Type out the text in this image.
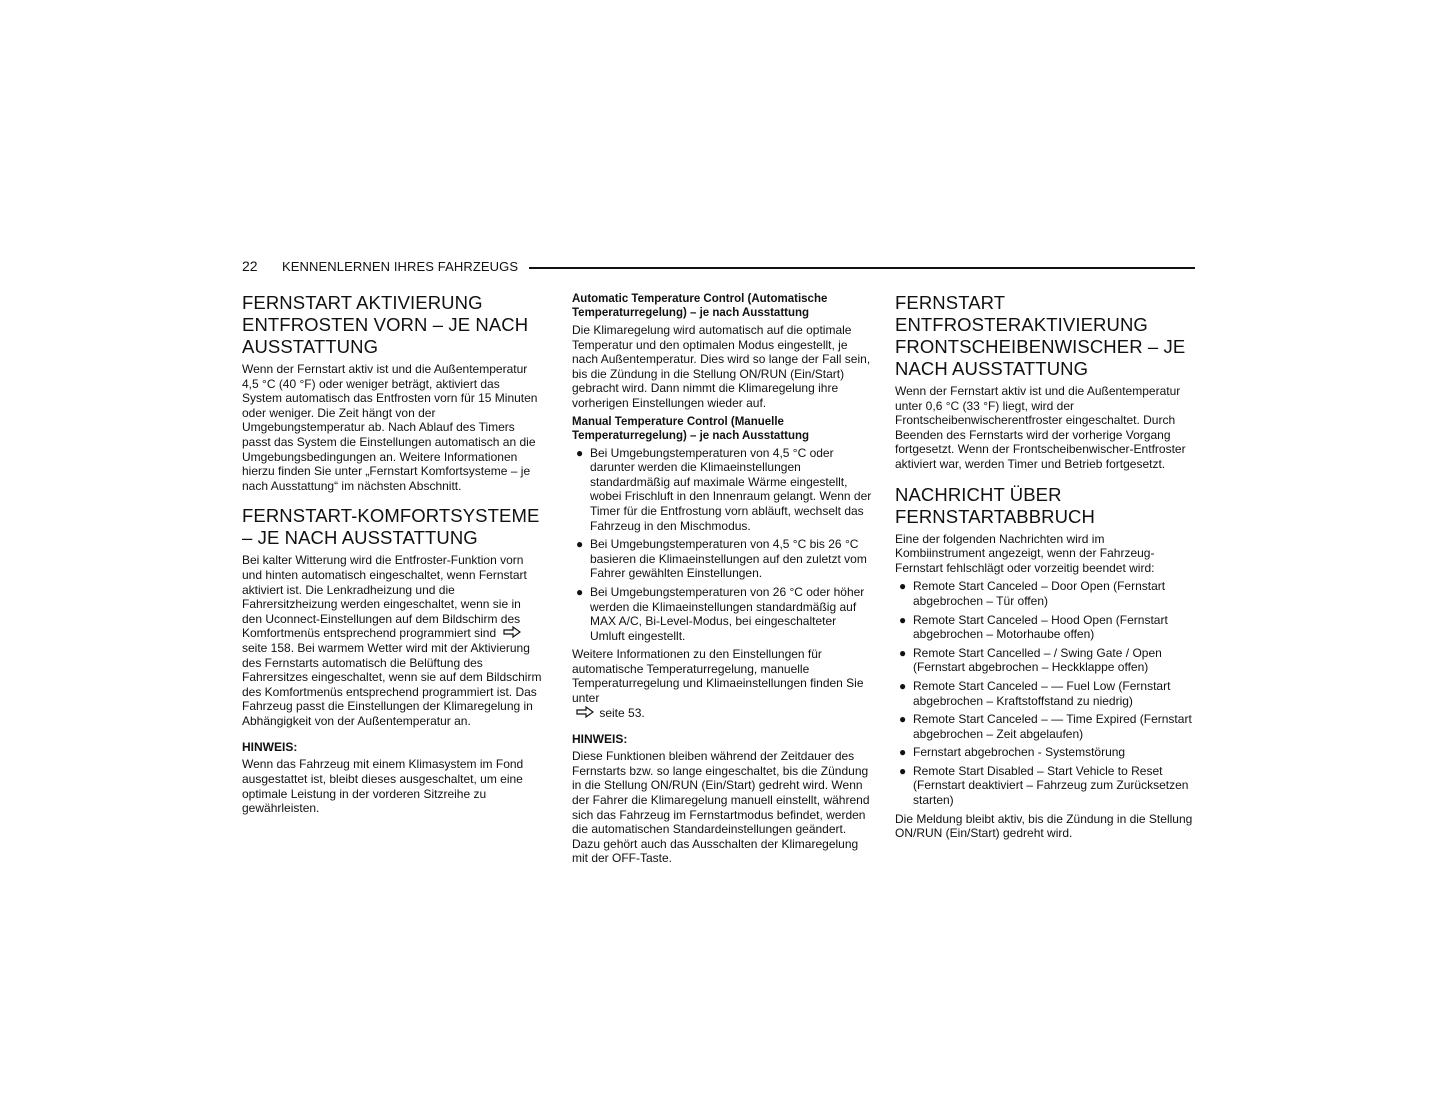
22 KENNENLERNEN IHRES FAHRZEUGS
FERNSTART AKTIVIERUNG ENTFROSTEN VORN – JE NACH AUSSTATTUNG

Wenn der Fernstart aktiv ist und die Außentemperatur 4,5 °C (40 °F) oder weniger beträgt, aktiviert das System automatisch das Entfrosten vorn für 15 Minuten oder weniger. Die Zeit hängt von der Umgebungstemperatur ab. Nach Ablauf des Timers passt das System die Einstellungen automatisch an die Umgebungsbedingungen an. Weitere Informationen hierzu finden Sie unter „Fernstart Komfortsysteme – je nach Ausstattung“ im nächsten Abschnitt.

FERNSTART-KOMFORTSYSTEME – JE NACH AUSSTATTUNG

Bei kalter Witterung wird die Entfroster-Funktion vorn und hinten automatisch eingeschaltet, wenn Fernstart aktiviert ist. Die Lenkradheizung und die Fahrersitzheizung werden eingeschaltet, wenn sie in den Uconnect-Einstellungen auf dem Bildschirm des Komfortmenüs entsprechend programmiert sind  seite 158. Bei warmem Wetter wird mit der Aktivierung des Fernstarts automatisch die Belüftung des Fahrersitzes eingeschaltet, wenn sie auf dem Bildschirm des Komfortmenüs entsprechend programmiert ist. Das Fahrzeug passt die Einstellungen der Klimaregelung in Abhängigkeit von der Außentemperatur an.

HINWEIS:

Wenn das Fahrzeug mit einem Klimasystem im Fond ausgestattet ist, bleibt dieses ausgeschaltet, um eine optimale Leistung in der vorderen Sitzreihe zu gewährleisten.

Automatic Temperature Control (Automatische Temperaturregelung) – je nach Ausstattung

Die Klimaregelung wird automatisch auf die optimale Temperatur und den optimalen Modus eingestellt, je nach Außentemperatur. Dies wird so lange der Fall sein, bis die Zündung in die Stellung ON/RUN (Ein/Start) gebracht wird. Dann nimmt die Klimaregelung ihre vorherigen Einstellungen wieder auf.

Manual Temperature Control (Manuelle Temperaturregelung) – je nach Ausstattung
● Bei Umgebungstemperaturen von 4,5 °C oder darunter werden die Klimaeinstellungen standardmäßig auf maximale Wärme eingestellt, wobei Frischluft in den Innenraum gelangt. Wenn der Timer für die Entfrostung vorn abläuft, wechselt das Fahrzeug in den Mischmodus.
● Bei Umgebungstemperaturen von 4,5 °C bis 26 °C basieren die Klimaeinstellungen auf den zuletzt vom Fahrer gewählten Einstellungen.
● Bei Umgebungstemperaturen von 26 °C oder höher werden die Klimaeinstellungen standardmäßig auf MAX A/C, Bi-Level-Modus, bei eingeschalteter Umluft eingestellt.

Weitere Informationen zu den Einstellungen für automatische Temperaturregelung, manuelle Temperaturregelung und Klimaeinstellungen finden Sie unter
seite 53.

HINWEIS:

Diese Funktionen bleiben während der Zeitdauer des Fernstarts bzw. so lange eingeschaltet, bis die Zündung in die Stellung ON/RUN (Ein/Start) gedreht wird. Wenn der Fahrer die Klimaregelung manuell einstellt, während sich das Fahrzeug im Fernstartmodus befindet, werden die automatischen Standardeinstellungen geändert. Dazu gehört auch das Ausschalten der Klimaregelung mit der OFF-Taste.

FERNSTART ENTFROSTERAKTIVIERUNG FRONTSCHEIBENWISCHER – JE NACH AUSSTATTUNG

Wenn der Fernstart aktiv ist und die Außentemperatur unter 0,6 °C (33 °F) liegt, wird der Frontscheibenwischerentfroster eingeschaltet. Durch Beenden des Fernstarts wird der vorherige Vorgang fortgesetzt. Wenn der Frontscheibenwischer-Entfroster aktiviert war, werden Timer und Betrieb fortgesetzt.

NACHRICHT ÜBER FERNSTARTABBRUCH

Eine der folgenden Nachrichten wird im Kombiinstrument angezeigt, wenn der Fahrzeug-Fernstart fehlschlägt oder vorzeitig beendet wird:

● Remote Start Canceled – Door Open (Fernstart abgebrochen – Tür offen)
● Remote Start Canceled – Hood Open (Fernstart abgebrochen – Motorhaube offen)
● Remote Start Cancelled – / Swing Gate / Open (Fernstart abgebrochen – Heckklappe offen)
● Remote Start Canceled – — Fuel Low (Fernstart abgebrochen – Kraftstoffstand zu niedrig)
● Remote Start Canceled – — Time Expired (Fernstart abgebrochen – Zeit abgelaufen)
● Fernstart abgebrochen - Systemstörung
● Remote Start Disabled – Start Vehicle to Reset (Fernstart deaktiviert – Fahrzeug zum Zurücksetzen starten)

Die Meldung bleibt aktiv, bis die Zündung in die Stellung ON/RUN (Ein/Start) gedreht wird.
